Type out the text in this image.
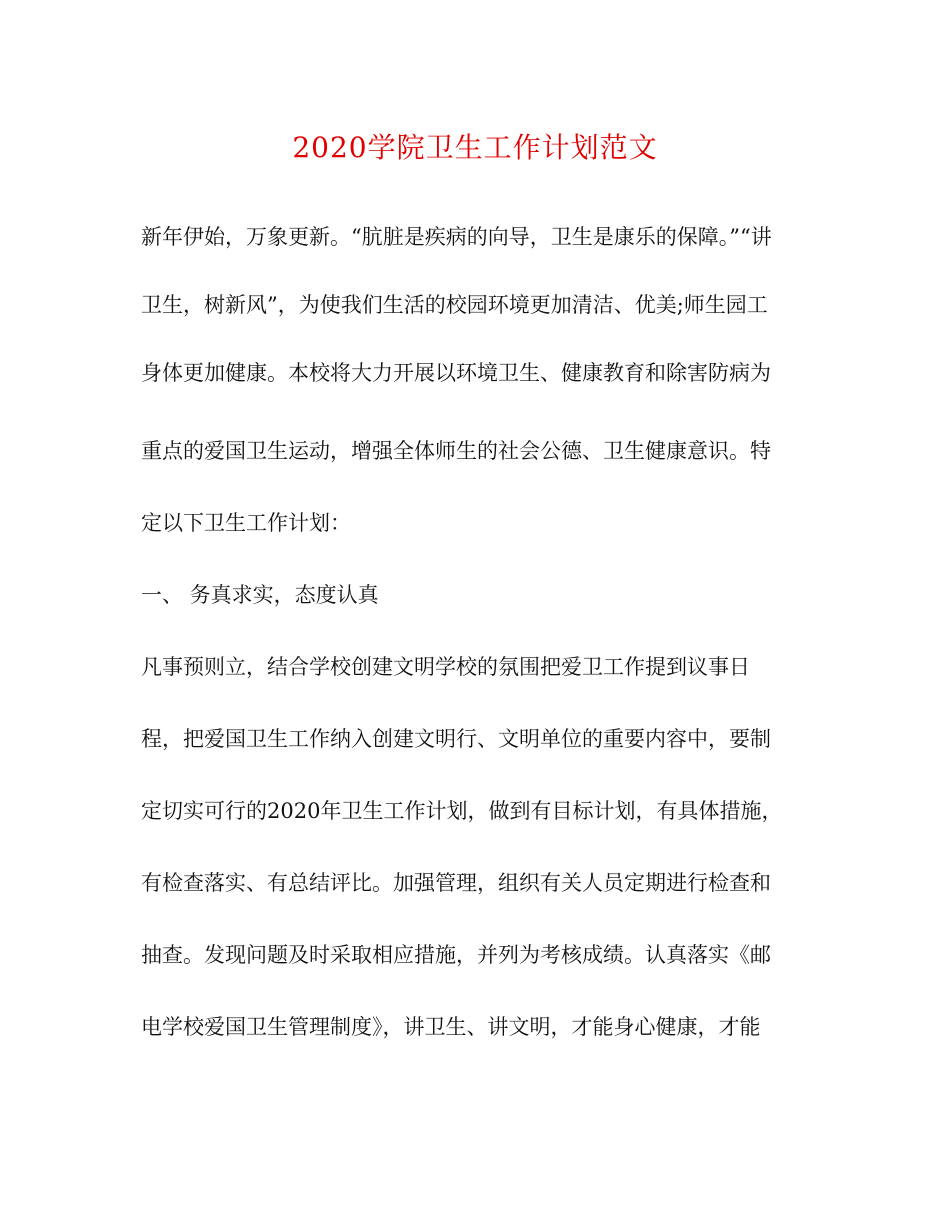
2020学院卫生工作计划范文
新年伊始，万象更新。“肮脏是疾病的向导，卫生是康乐的保障。”“讲
卫生，树新风”，为使我们生活的校园环境更加清洁、优美;师生园工
身体更加健康。本校将大力开展以环境卫生、健康教育和除害防病为
重点的爱国卫生运动，增强全体师生的社会公德、卫生健康意识。特
定以下卫生工作计划：
一、 务真求实，态度认真
凡事预则立，结合学校创建文明学校的氛围把爱卫工作提到议事日
程，把爱国卫生工作纳入创建文明行、文明单位的重要内容中，要制
定切实可行的2020年卫生工作计划，做到有目标计划，有具体措施，
有检查落实、有总结评比。加强管理，组织有关人员定期进行检查和
抽查。发现问题及时采取相应措施，并列为考核成绩。认真落实《邮
电学校爱国卫生管理制度》，讲卫生、讲文明，才能身心健康，才能
